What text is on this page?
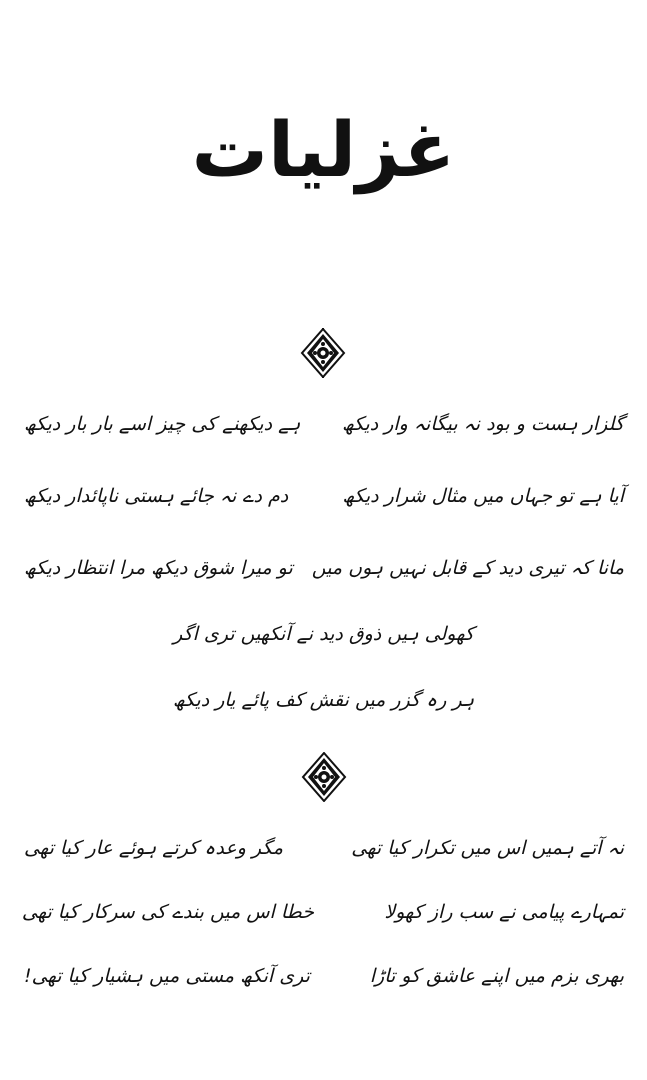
غزلیات
گلزار ہست و بود نہ بیگانہ وار دیکھ
ہے دیکھنے کی چیز اسے بار بار دیکھ
آیا ہے تو جہاں میں مثال شرار دیکھ
دم دے نہ جائے ہستی ناپائدار دیکھ
مانا کہ تیری دید کے قابل نہیں ہوں میں
تو میرا شوق دیکھ مرا انتظار دیکھ
کھولی ہیں ذوق دید نے آنکھیں تری اگر
ہر رہ گزر میں نقش کف پائے یار دیکھ
نہ آتے ہمیں اس میں تکرار کیا تھی
مگر وعدہ کرتے ہوئے عار کیا تھی
تمہارے پیامی نے سب راز کھولا
خطا اس میں بندے کی سرکار کیا تھی
بھری بزم میں اپنے عاشق کو تاڑا
تری آنکھ مستی میں ہشیار کیا تھی!
